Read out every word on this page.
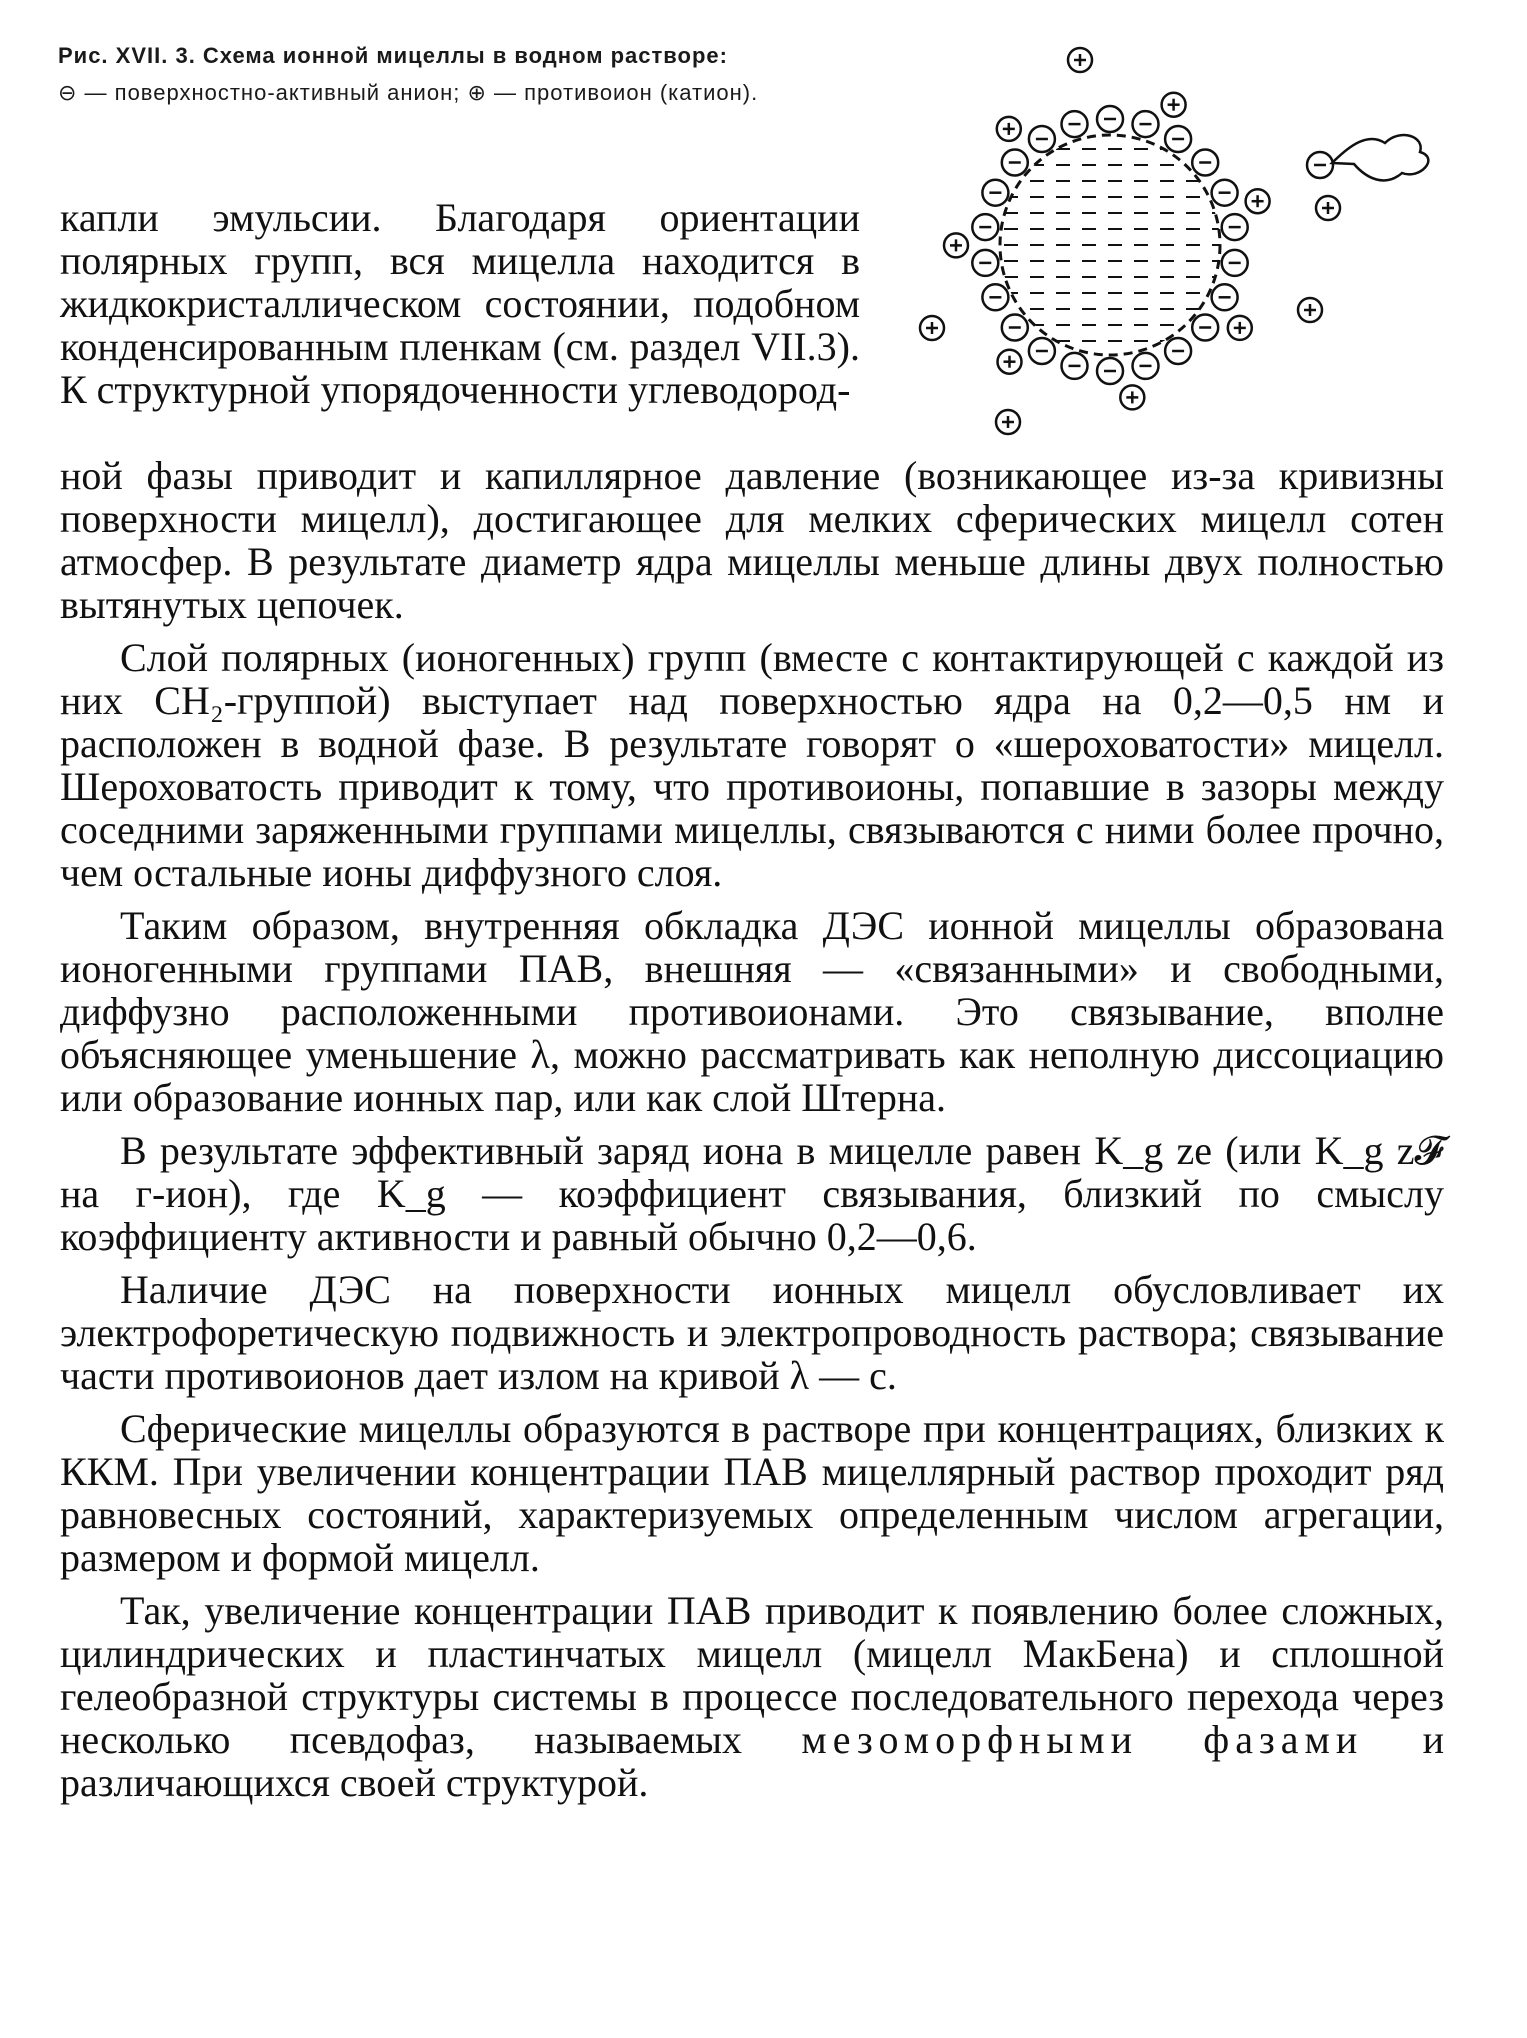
Рис. XVII. 3. Схема ионной мицеллы в водном растворе:

⊖ — поверхностно-активный анион; ⊕ — противоион (катион).

капли эмульсии. Благодаря ориентации полярных групп, вся мицелла находится в жидкокристаллическом состоянии, подобном конденсированным пленкам (см. раздел VII.3). К структурной упорядоченности углеводород-

ной фазы приводит и капиллярное давление (возникающее из-за кривизны поверхности мицелл), достигающее для мелких сферических мицелл сотен атмосфер. В результате диаметр ядра мицеллы меньше длины двух полностью вытянутых цепочек.

Слой полярных (ионогенных) групп (вместе с контактирующей с каждой из них CH₂-группой) выступает над поверхностью ядра на 0,2—0,5 нм и расположен в водной фазе. В результате говорят о «шероховатости» мицелл. Шероховатость приводит к тому, что противоионы, попавшие в зазоры между соседними заряженными группами мицеллы, связываются с ними более прочно, чем остальные ионы диффузного слоя.

Таким образом, внутренняя обкладка ДЭС ионной мицеллы образована ионогенными группами ПАВ, внешняя — «связанными» и свободными, диффузно расположенными противоионами. Это связывание, вполне объясняющее уменьшение λ, можно рассматривать как неполную диссоциацию или образование ионных пар, или как слой Штерна.

В результате эффективный заряд иона в мицелле равен K_g ze (или K_g z𝓕 на г-ион), где K_g — коэффициент связывания, близкий по смыслу коэффициенту активности и равный обычно 0,2—0,6.

Наличие ДЭС на поверхности ионных мицелл обусловливает их электрофоретическую подвижность и электропроводность раствора; связывание части противоионов дает излом на кривой λ — c.

Сферические мицеллы образуются в растворе при концентрациях, близких к ККМ. При увеличении концентрации ПАВ мицеллярный раствор проходит ряд равновесных состояний, характеризуемых определенным числом агрегации, размером и формой мицелл.

Так, увеличение концентрации ПАВ приводит к появлению более сложных, цилиндрических и пластинчатых мицелл (мицелл МакБена) и сплошной гелеобразной структуры системы в процессе последовательного перехода через несколько псевдофаз, называемых мезоморфными фазами и различающихся своей структурой.
